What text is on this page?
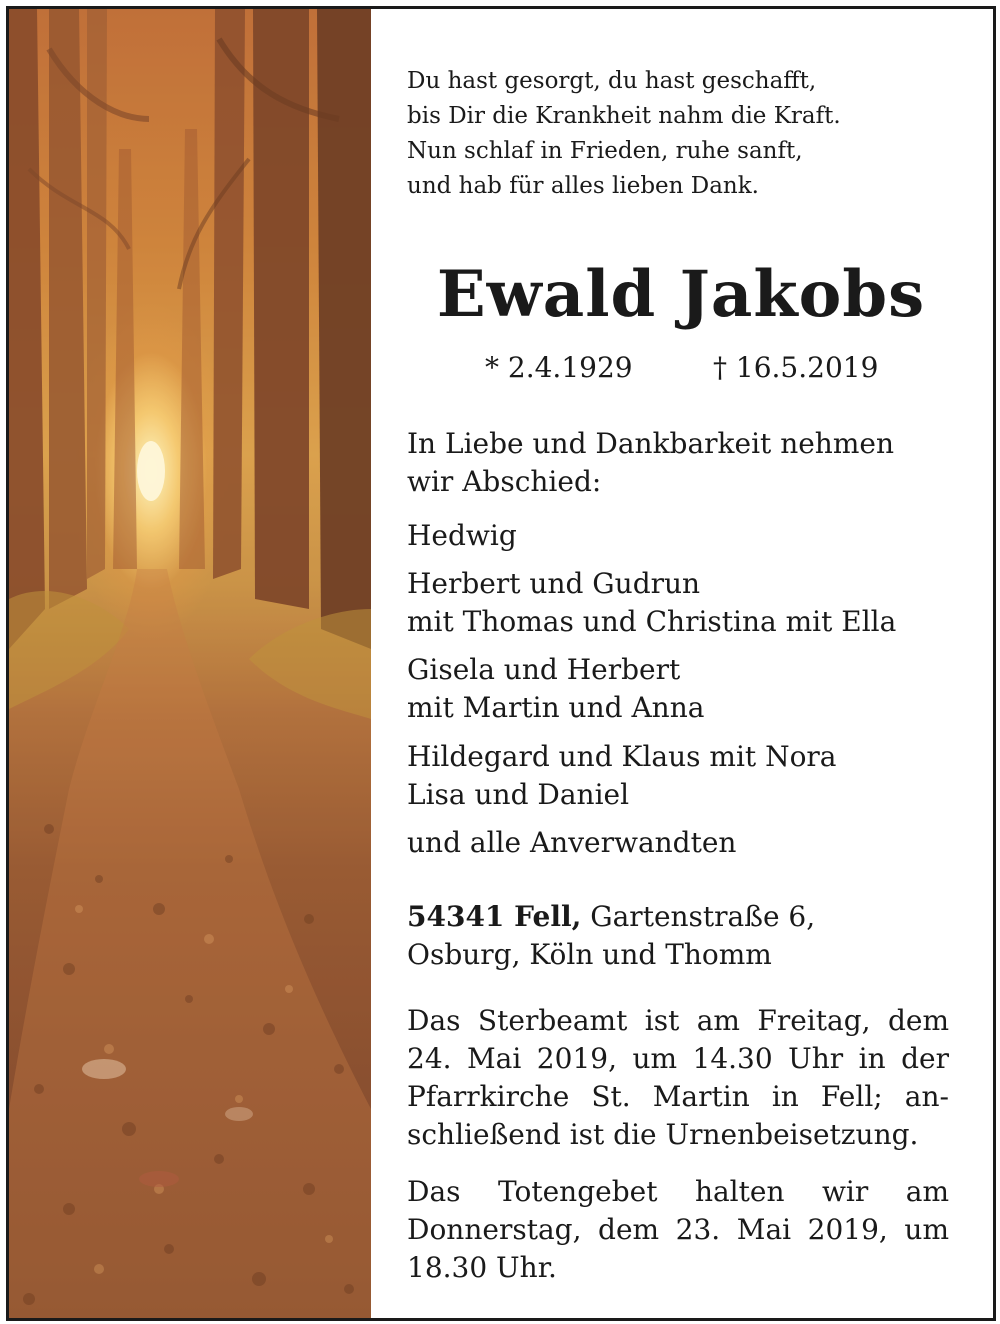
Du hast gesorgt, du hast geschafft,
bis Dir die Krankheit nahm die Kraft.
Nun schlaf in Frieden, ruhe sanft,
und hab für alles lieben Dank.
Ewald Jakobs
* 2.4.1929	† 16.5.2019
In Liebe und Dankbarkeit nehmen
wir Abschied:
Hedwig
Herbert und Gudrun
mit Thomas und Christina mit Ella
Gisela und Herbert
mit Martin und Anna
Hildegard und Klaus mit Nora
Lisa und Daniel
und alle Anverwandten
54341 Fell, Gartenstraße 6,
Osburg, Köln und Thomm
Das Sterbeamt ist am Freitag, dem
24. Mai 2019, um 14.30 Uhr in der
Pfarrkirche St. Martin in Fell; an-
schließend ist die Urnenbeisetzung.
Das Totengebet halten wir am
Donnerstag, dem 23. Mai 2019, um
18.30 Uhr.
